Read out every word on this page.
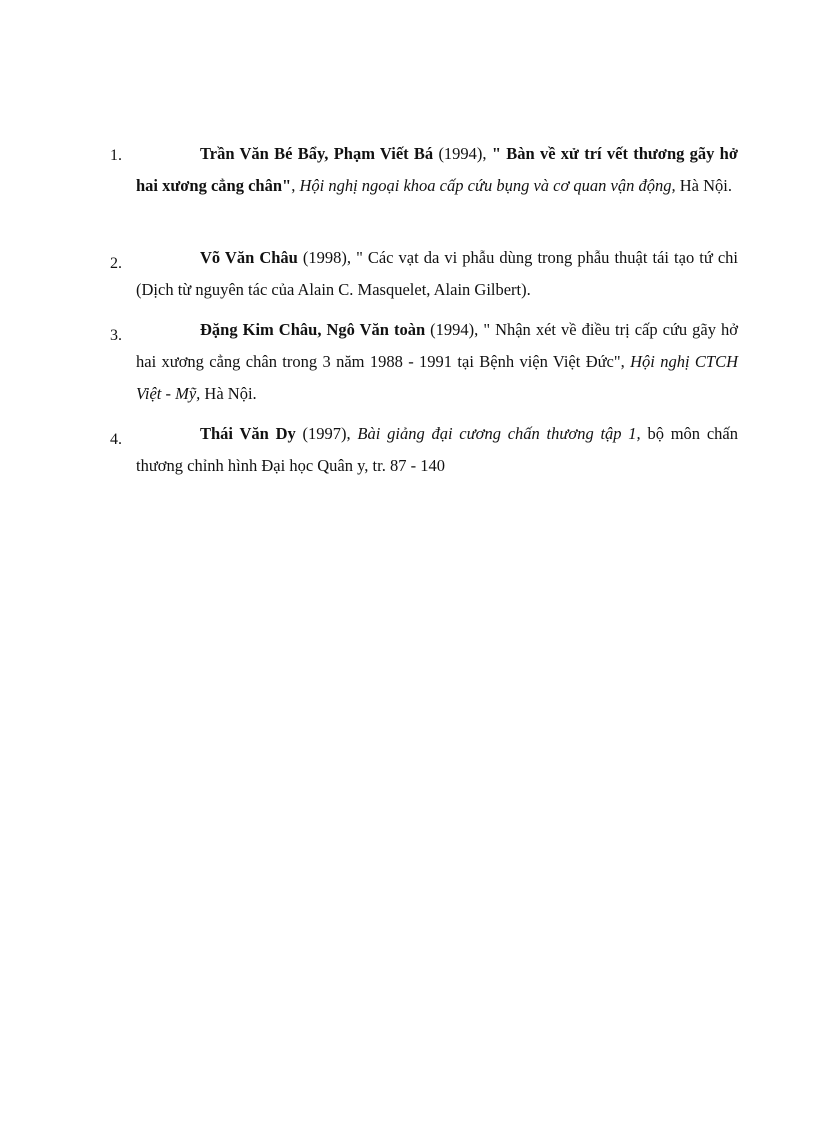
1.	Trần Văn Bé Bẩy, Phạm Viết Bá (1994), " Bàn về xử trí vết thương gãy hở hai xương cẳng chân", Hội nghị ngoại khoa cấp cứu bụng và cơ quan vận động, Hà Nội.
2.	Võ Văn Châu (1998), " Các vạt da vi phẫu dùng trong phẫu thuật tái tạo tứ chi (Dịch từ nguyên tác của Alain C. Masquelet, Alain Gilbert).
3.	Đặng Kim Châu, Ngô Văn toàn (1994), " Nhận xét về điều trị cấp cứu gãy hở hai xương cẳng chân trong 3 năm 1988 - 1991 tại Bệnh viện Việt Đức", Hội nghị CTCH Việt - Mỹ, Hà Nội.
4.	Thái Văn Dy (1997), Bài giảng đại cương chấn thương tập 1, bộ môn chấn thương chỉnh hình Đại học Quân y, tr. 87 - 140
